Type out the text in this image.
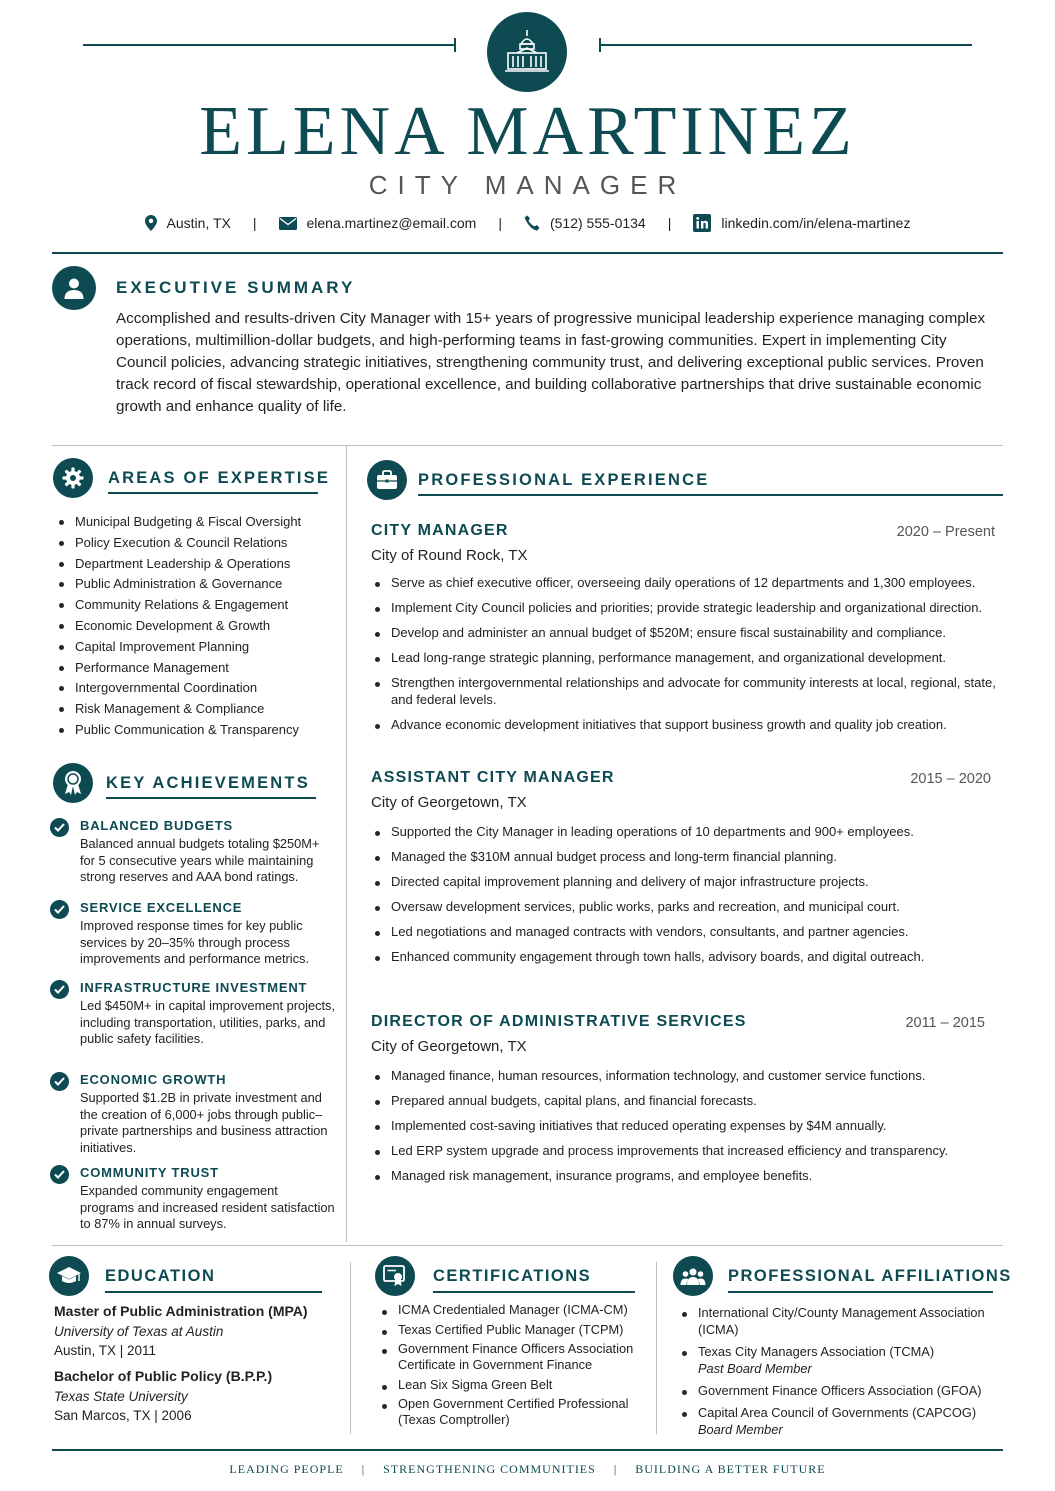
ELENA MARTINEZ
CITY MANAGER
Austin, TX |	elena.martinez@email.com |	(512) 555-0134 |	linkedin.com/in/elena-martinez
EXECUTIVE SUMMARY
Accomplished and results-driven City Manager with 15+ years of progressive municipal leadership experience managing complex operations, multimillion-dollar budgets, and high-performing teams in fast-growing communities. Expert in implementing City Council policies, advancing strategic initiatives, strengthening community trust, and delivering exceptional public services. Proven track record of fiscal stewardship, operational excellence, and building collaborative partnerships that drive sustainable economic growth and enhance quality of life.
AREAS OF EXPERTISE
Municipal Budgeting & Fiscal Oversight
Policy Execution & Council Relations
Department Leadership & Operations
Public Administration & Governance
Community Relations & Engagement
Economic Development & Growth
Capital Improvement Planning
Performance Management
Intergovernmental Coordination
Risk Management & Compliance
Public Communication & Transparency
KEY ACHIEVEMENTS
BALANCED BUDGETS
Balanced annual budgets totaling $250M+ for 5 consecutive years while maintaining strong reserves and AAA bond ratings.
SERVICE EXCELLENCE
Improved response times for key public services by 20–35% through process improvements and performance metrics.
INFRASTRUCTURE INVESTMENT
Led $450M+ in capital improvement projects, including transportation, utilities, parks, and public safety facilities.
ECONOMIC GROWTH
Supported $1.2B in private investment and the creation of 6,000+ jobs through public–private partnerships and business attraction initiatives.
COMMUNITY TRUST
Expanded community engagement programs and increased resident satisfaction to 87% in annual surveys.
PROFESSIONAL EXPERIENCE
CITY MANAGER	2020 – Present
City of Round Rock, TX
Serve as chief executive officer, overseeing daily operations of 12 departments and 1,300 employees.
Implement City Council policies and priorities; provide strategic leadership and organizational direction.
Develop and administer an annual budget of $520M; ensure fiscal sustainability and compliance.
Lead long-range strategic planning, performance management, and organizational development.
Strengthen intergovernmental relationships and advocate for community interests at local, regional, state, and federal levels.
Advance economic development initiatives that support business growth and quality job creation.
ASSISTANT CITY MANAGER	2015 – 2020
City of Georgetown, TX
Supported the City Manager in leading operations of 10 departments and 900+ employees.
Managed the $310M annual budget process and long-term financial planning.
Directed capital improvement planning and delivery of major infrastructure projects.
Oversaw development services, public works, parks and recreation, and municipal court.
Led negotiations and managed contracts with vendors, consultants, and partner agencies.
Enhanced community engagement through town halls, advisory boards, and digital outreach.
DIRECTOR OF ADMINISTRATIVE SERVICES	2011 – 2015
City of Georgetown, TX
Managed finance, human resources, information technology, and customer service functions.
Prepared annual budgets, capital plans, and financial forecasts.
Implemented cost-saving initiatives that reduced operating expenses by $4M annually.
Led ERP system upgrade and process improvements that increased efficiency and transparency.
Managed risk management, insurance programs, and employee benefits.
EDUCATION
Master of Public Administration (MPA)
University of Texas at Austin
Austin, TX | 2011
Bachelor of Public Policy (B.P.P.)
Texas State University
San Marcos, TX | 2006
CERTIFICATIONS
ICMA Credentialed Manager (ICMA-CM)
Texas Certified Public Manager (TCPM)
Government Finance Officers Association Certificate in Government Finance
Lean Six Sigma Green Belt
Open Government Certified Professional (Texas Comptroller)
PROFESSIONAL AFFILIATIONS
International City/County Management Association (ICMA)
Texas City Managers Association (TCMA)
Past Board Member
Government Finance Officers Association (GFOA)
Capital Area Council of Governments (CAPCOG)
Board Member
LEADING PEOPLE | STRENGTHENING COMMUNITIES | BUILDING A BETTER FUTURE
